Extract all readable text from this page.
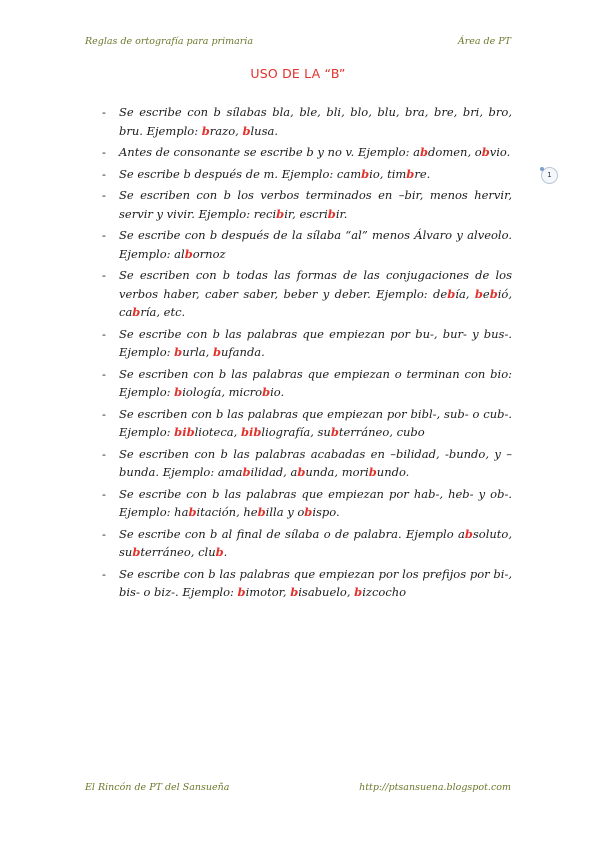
Reglas de ortografía para primaria	Área de PT
USO DE LA “B”
1
- Se escribe con b sílabas bla, ble, bli, blo, blu, bra, bre, bri, bro, bru. Ejemplo: brazo, blusa.
- Antes de consonante se escribe b y no v. Ejemplo: abdomen, obvio.
- Se escribe b después de m. Ejemplo: cambio, timbre.
- Se escriben con b los verbos terminados en –bir, menos hervir, servir y vivir. Ejemplo: recibir, escribir.
- Se escribe con b después de la sílaba “al” menos Álvaro y alveolo. Ejemplo: albornoz
- Se escriben con b todas las formas de las conjugaciones de los verbos haber, caber saber, beber y deber. Ejemplo: debía, bebió, cabría, etc.
- Se escribe con b las palabras que empiezan por bu-, bur- y bus-. Ejemplo: burla, bufanda.
- Se escriben con b las palabras que empiezan o terminan con bio: Ejemplo: biología, microbio.
- Se escriben con b las palabras que empiezan por bibl-, sub- o cub-. Ejemplo: biblioteca, bibliografía, subterráneo, cubo
- Se escriben con b las palabras acabadas en –bilidad, -bundo, y –bunda. Ejemplo: amabilidad, abunda, moribundo.
- Se escribe con b las palabras que empiezan por hab-, heb- y ob-. Ejemplo: habitación, hebilla y obispo.
- Se escribe con b al final de sílaba o de palabra. Ejemplo absoluto, subterráneo, club.
- Se escribe con b las palabras que empiezan por los prefijos por bi-, bis- o biz-. Ejemplo: bimotor, bisabuelo, bizcocho
El Rincón de PT del Sansueña	http://ptsansuena.blogspot.com
